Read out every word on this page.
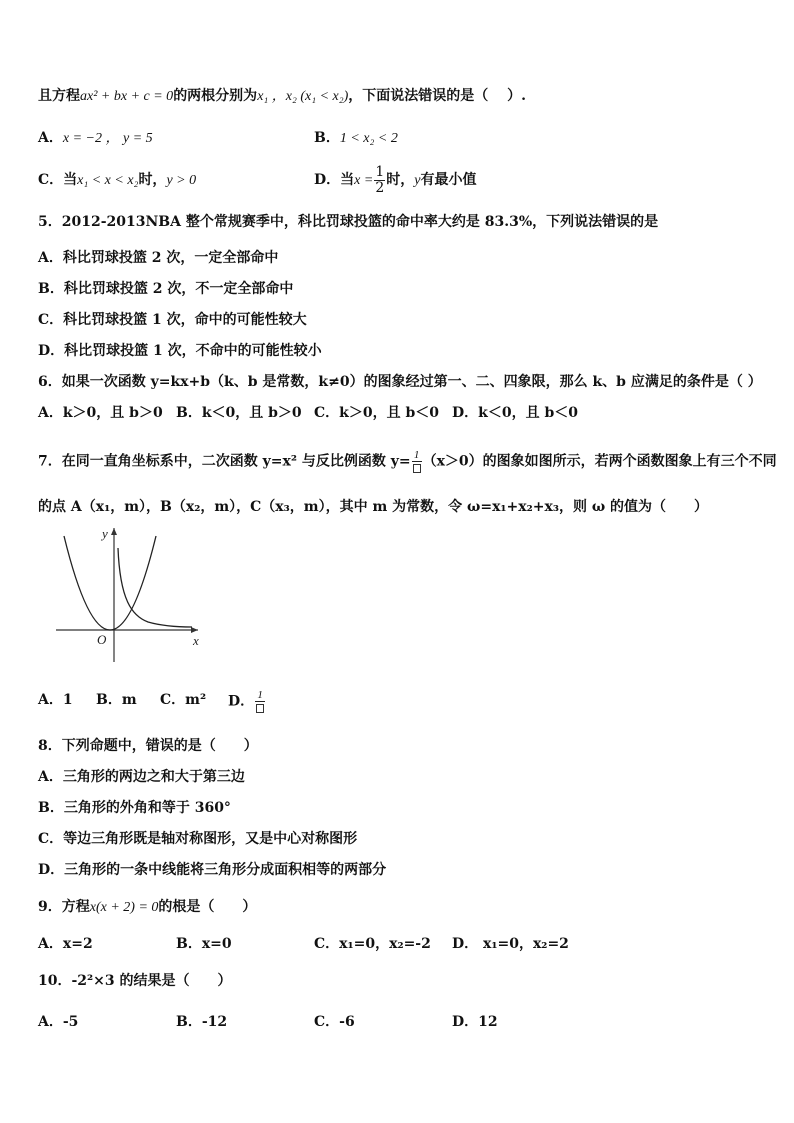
且方程ax² + bx + c = 0的两根分别为x₁ ，x₂ (x₁ < x₂)，下面说法错误的是（　 ）.
A．x = −2 ， y = 5	B．1 < x₂ < 2
C．当x₁ < x < x₂时，y > 0	D．当$x = \frac{1}{2}$ 时，y有最小值
5．2012-2013NBA 整个常规赛季中，科比罚球投篮的命中率大约是 83.3%，下列说法错误的是
A．科比罚球投篮 2 次，一定全部命中
B．科比罚球投篮 2 次，不一定全部命中
C．科比罚球投篮 1 次，命中的可能性较大
D．科比罚球投篮 1 次，不命中的可能性较小
6．如果一次函数 y=kx+b（k、b 是常数，k≠0）的图象经过第一、二、四象限，那么 k、b 应满足的条件是（ ）
A．k＞0，且 b＞0 B．k＜0，且 b＞0 C．k＞0，且 b＜0 D．k＜0，且 b＜0
7．在同一直角坐标系中，二次函数 y=x² 与反比例函数 y= 1 （x＞0）的图象如图所示，若两个函数图象上有三个不同
的点 A（x₁，m），B（x₂，m），C（x₃，m），其中 m 为常数，令 ω=x₁+x₂+x₃，则 ω 的值为（　　）
y
x
O
A．1 B．m C．m² D． 1
8．下列命题中，错误的是（　　）
A．三角形的两边之和大于第三边
B．三角形的外角和等于 360°
C．等边三角形既是轴对称图形，又是中心对称图形
D．三角形的一条中线能将三角形分成面积相等的两部分
9．方程x(x + 2) = 0的根是（　　）
A．x=2	B．x=0	C．x₁=0，x₂=-2 D． x₁=0，x₂=2
10．-2²×3 的结果是（　　）
A．-5	B．-12	C．-6	D．12
